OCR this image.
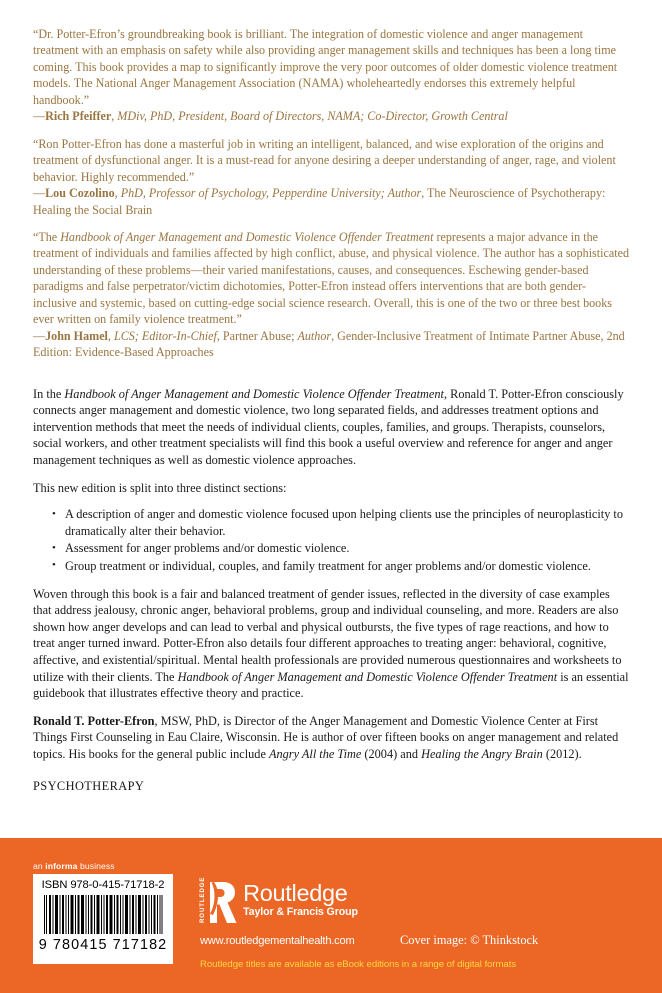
“Dr. Potter-Efron’s groundbreaking book is brilliant. The integration of domestic violence and anger management treatment with an emphasis on safety while also providing anger management skills and techniques has been a long time coming. This book provides a map to significantly improve the very poor outcomes of older domestic violence treatment models. The National Anger Management Association (NAMA) wholeheartedly endorses this extremely helpful handbook.”

—Rich Pfeiffer, MDiv, PhD, President, Board of Directors, NAMA; Co-Director, Growth Central

“Ron Potter-Efron has done a masterful job in writing an intelligent, balanced, and wise exploration of the origins and treatment of dysfunctional anger. It is a must-read for anyone desiring a deeper understanding of anger, rage, and violent behavior. Highly recommended.”

—Lou Cozolino, PhD, Professor of Psychology, Pepperdine University; Author, The Neuroscience of Psychotherapy: Healing the Social Brain

“The Handbook of Anger Management and Domestic Violence Offender Treatment represents a major advance in the treatment of individuals and families affected by high conflict, abuse, and physical violence. The author has a sophisticated understanding of these problems—their varied manifestations, causes, and consequences. Eschewing gender-based paradigms and false perpetrator/victim dichotomies, Potter-Efron instead offers interventions that are both gender-inclusive and systemic, based on cutting-edge social science research. Overall, this is one of the two or three best books ever written on family violence treatment.”

—John Hamel, LCS; Editor-In-Chief, Partner Abuse; Author, Gender-Inclusive Treatment of Intimate Partner Abuse, 2nd Edition: Evidence-Based Approaches

In the Handbook of Anger Management and Domestic Violence Offender Treatment, Ronald T. Potter-Efron consciously connects anger management and domestic violence, two long separated fields, and addresses treatment options and intervention methods that meet the needs of individual clients, couples, families, and groups. Therapists, counselors, social workers, and other treatment specialists will find this book a useful overview and reference for anger and anger management techniques as well as domestic violence approaches.

This new edition is split into three distinct sections:

• A description of anger and domestic violence focused upon helping clients use the principles of neuroplasticity to dramatically alter their behavior.
• Assessment for anger problems and/or domestic violence.
• Group treatment or individual, couples, and family treatment for anger problems and/or domestic violence.

Woven through this book is a fair and balanced treatment of gender issues, reflected in the diversity of case examples that address jealousy, chronic anger, behavioral problems, group and individual counseling, and more. Readers are also shown how anger develops and can lead to verbal and physical outbursts, the five types of rage reactions, and how to treat anger turned inward. Potter-Efron also details four different approaches to treating anger: behavioral, cognitive, affective, and existential/spiritual. Mental health professionals are provided numerous questionnaires and worksheets to utilize with their clients. The Handbook of Anger Management and Domestic Violence Offender Treatment is an essential guidebook that illustrates effective theory and practice.

Ronald T. Potter-Efron, MSW, PhD, is Director of the Anger Management and Domestic Violence Center at First Things First Counseling in Eau Claire, Wisconsin. He is author of over fifteen books on anger management and related topics. His books for the general public include Angry All the Time (2004) and Healing the Angry Brain (2012).

PSYCHOTHERAPY

an informa business
ISBN 978-0-415-71718-2
9 780415 717182
ROUTLEDGE Routledge
Taylor & Francis Group
www.routledgementalhealth.com	Cover image: © Thinkstock
Routledge titles are available as eBook editions in a range of digital formats
